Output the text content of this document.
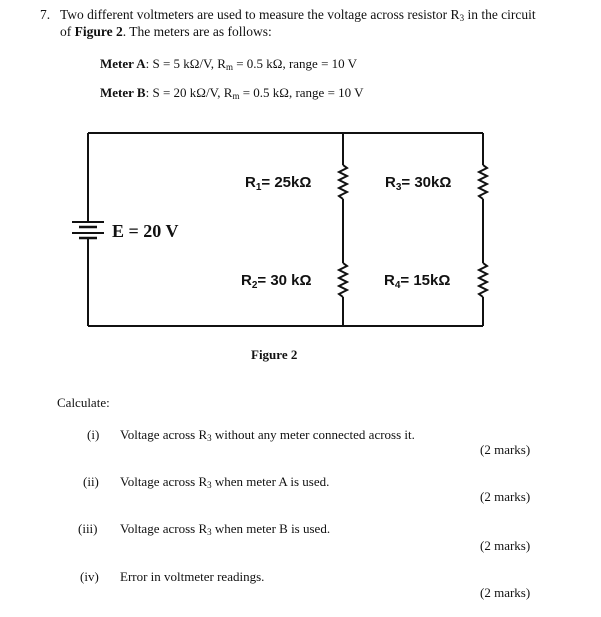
7. Two different voltmeters are used to measure the voltage across resistor R3 in the circuit
of Figure 2. The meters are as follows:
Meter A: S = 5 kΩ/V, Rm = 0.5 kΩ, range = 10 V
Meter B: S = 20 kΩ/V, Rm = 0.5 kΩ, range = 10 V
E = 20 V
$R_1= 25k\Omega$
$R_2= 30$ kΩ
$R_3= 30k\Omega$
$R_4= 15k\Omega$
Figure 2
Calculate:
(i) Voltage across R3 without any meter connected across it.
(2 marks)
(ii) Voltage across R3 when meter A is used.
(2 marks)
(iii) Voltage across R3 when meter B is used.
(2 marks)
(iv) Error in voltmeter readings.
(2 marks)
